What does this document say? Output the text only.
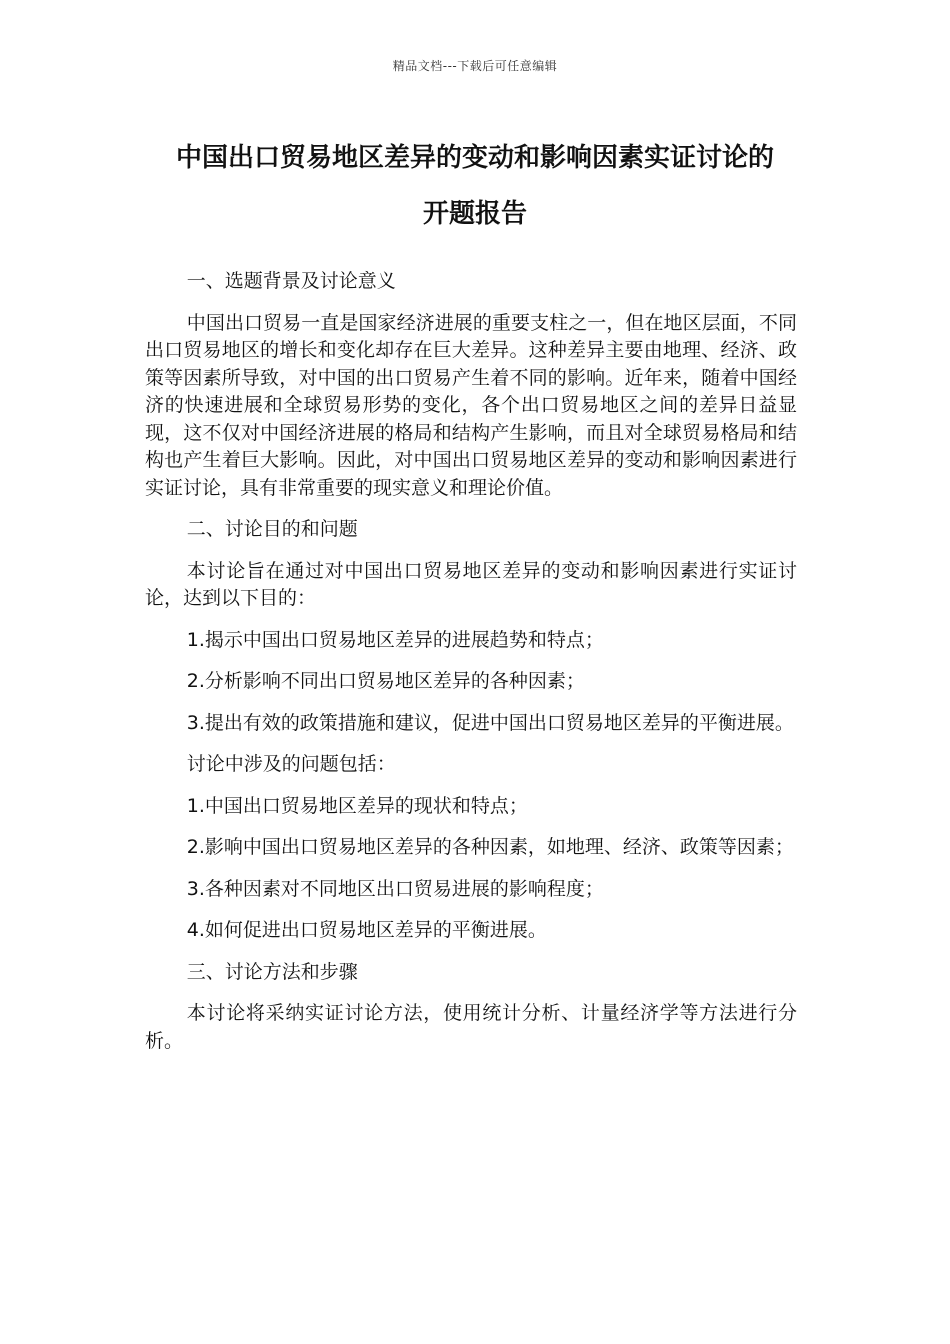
精品文档---下载后可任意编辑
中国出口贸易地区差异的变动和影响因素实证讨论的
开题报告

一、选题背景及讨论意义

中国出口贸易一直是国家经济进展的重要支柱之一，但在地区层面，不同出口贸易地区的增长和变化却存在巨大差异。这种差异主要由地理、经济、政策等因素所导致，对中国的出口贸易产生着不同的影响。近年来，随着中国经济的快速进展和全球贸易形势的变化，各个出口贸易地区之间的差异日益显现，这不仅对中国经济进展的格局和结构产生影响，而且对全球贸易格局和结构也产生着巨大影响。因此，对中国出口贸易地区差异的变动和影响因素进行实证讨论，具有非常重要的现实意义和理论价值。

二、讨论目的和问题

本讨论旨在通过对中国出口贸易地区差异的变动和影响因素进行实证讨论，达到以下目的：

1.揭示中国出口贸易地区差异的进展趋势和特点；

2.分析影响不同出口贸易地区差异的各种因素；

3.提出有效的政策措施和建议，促进中国出口贸易地区差异的平衡进展。

讨论中涉及的问题包括：

1.中国出口贸易地区差异的现状和特点；

2.影响中国出口贸易地区差异的各种因素，如地理、经济、政策等因素；

3.各种因素对不同地区出口贸易进展的影响程度；

4.如何促进出口贸易地区差异的平衡进展。

三、讨论方法和步骤

本讨论将采纳实证讨论方法，使用统计分析、计量经济学等方法进行分析。
